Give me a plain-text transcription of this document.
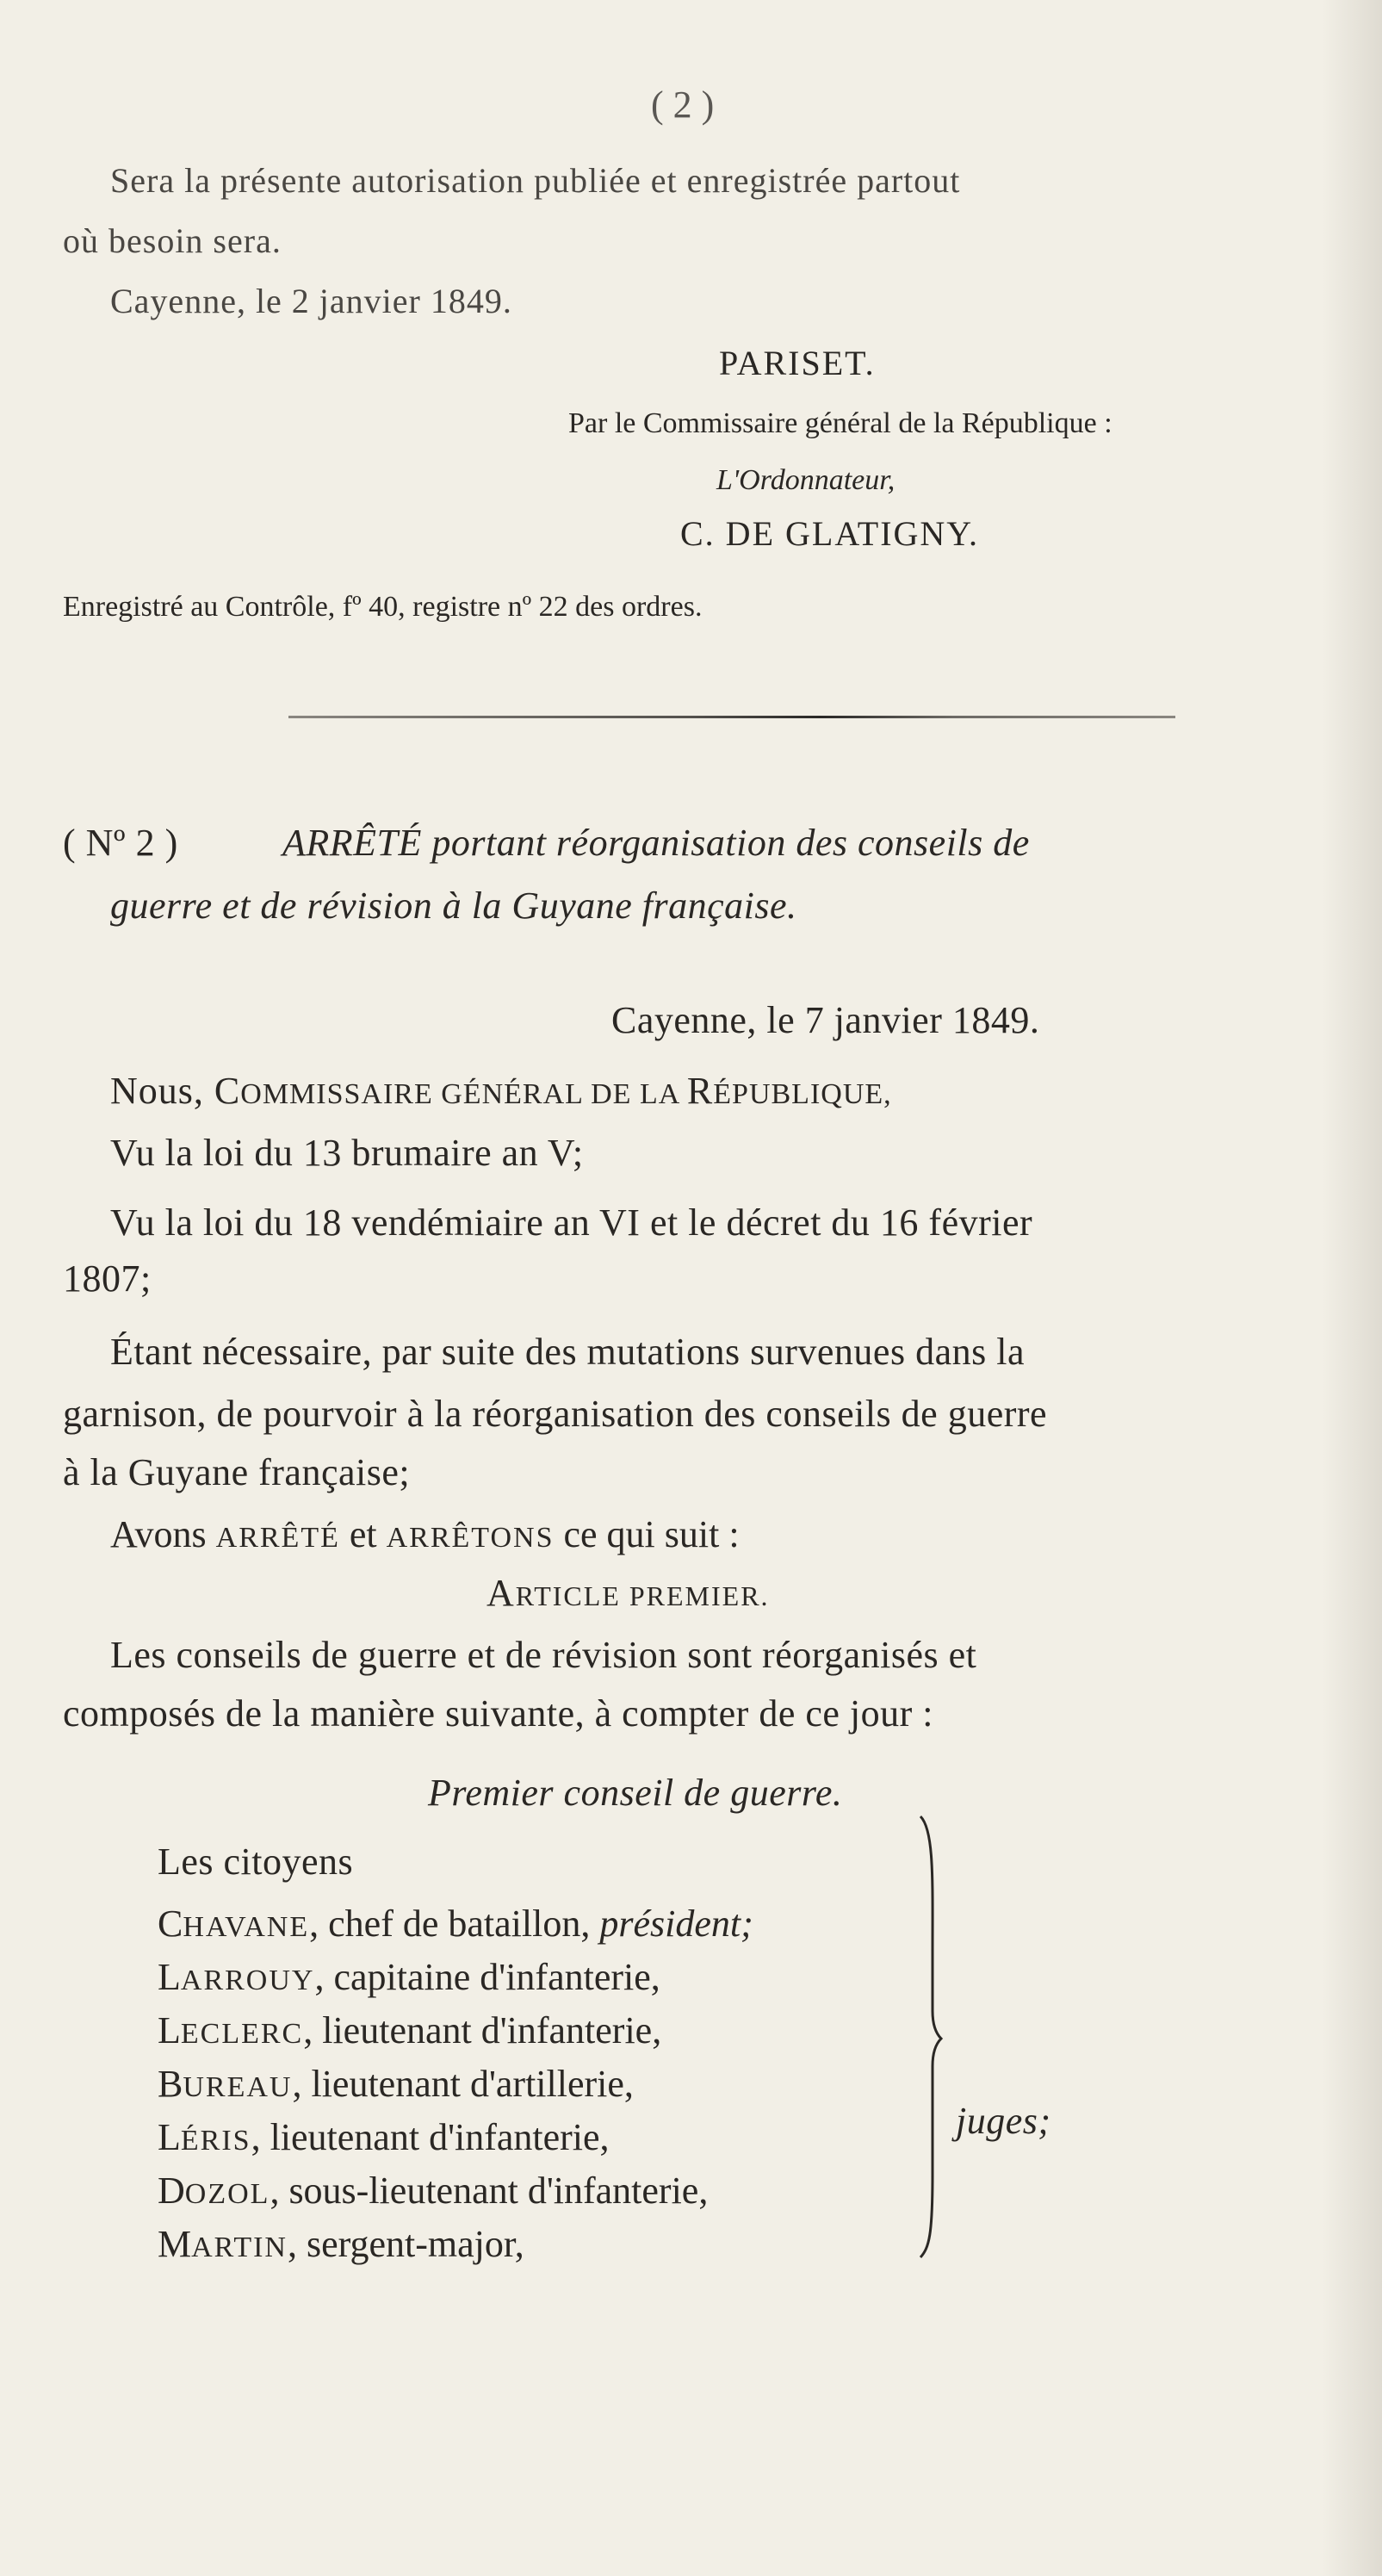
( 2 )
Sera la présente autorisation publiée et enregistrée partout
où besoin sera.
Cayenne, le 2 janvier 1849.
PARISET.
Par le Commissaire général de la République :
L'Ordonnateur,
C. DE GLATIGNY.
Enregistré au Contrôle, fº 40, registre nº 22 des ordres.
( Nº 2 )	ARRÊTÉ portant réorganisation des conseils de
guerre et de révision à la Guyane française.
Cayenne, le 7 janvier 1849.
Nous, COMMISSAIRE GÉNÉRAL DE LA RÉPUBLIQUE,
Vu la loi du 13 brumaire an V;
Vu la loi du 18 vendémiaire an VI et le décret du 16 février
1807;
Étant nécessaire, par suite des mutations survenues dans la
garnison, de pourvoir à la réorganisation des conseils de guerre
à la Guyane française;
Avons ARRÊTÉ et ARRÊTONS ce qui suit :
ARTICLE PREMIER.
Les conseils de guerre et de révision sont réorganisés et
composés de la manière suivante, à compter de ce jour :
Premier conseil de guerre.
Les citoyens
CHAVANE, chef de bataillon, président;
LARROUY, capitaine d'infanterie,
LECLERC, lieutenant d'infanterie,
BUREAU, lieutenant d'artillerie,
LÉRIS, lieutenant d'infanterie,
DOZOL, sous-lieutenant d'infanterie,
MARTIN, sergent-major,
juges;
